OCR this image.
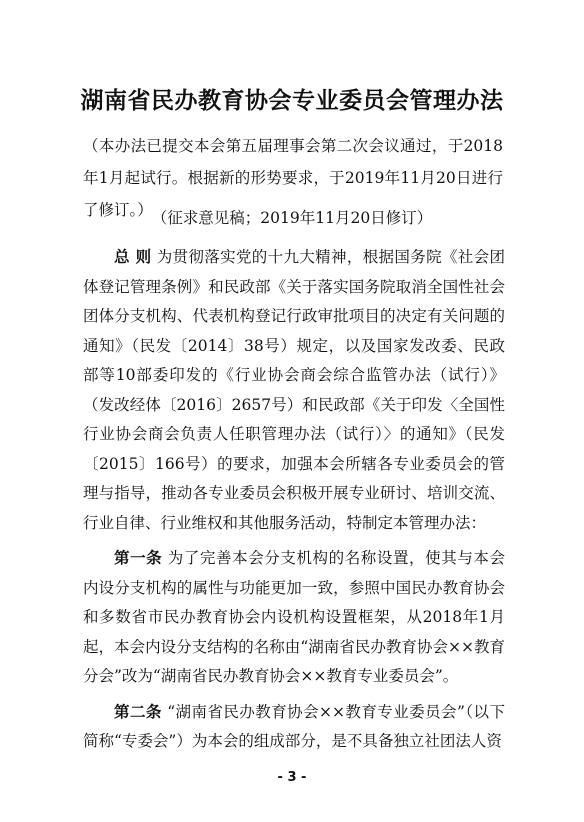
湖南省民办教育协会专业委员会管理办法

（本办法已提交本会第五届理事会第二次会议通过，于2018年1月起试行。根据新的形势要求，于2019年11月20日进行了修订。） （征求意见稿；2019年11月20日修订）

总 则 为贯彻落实党的十九大精神，根据国务院《社会团体登记管理条例》和民政部《关于落实国务院取消全国性社会团体分支机构、代表机构登记行政审批项目的决定有关问题的通知》（民发〔2014〕38号）规定，以及国家发改委、民政部等10部委印发的《行业协会商会综合监管办法（试行）》（发改经体〔2016〕2657号）和民政部《关于印发〈全国性行业协会商会负责人任职管理办法（试行）〉的通知》（民发〔2015〕166号）的要求，加强本会所辖各专业委员会的管理与指导，推动各专业委员会积极开展专业研讨、培训交流、行业自律、行业维权和其他服务活动，特制定本管理办法：

第一条 为了完善本会分支机构的名称设置，使其与本会内设分支机构的属性与功能更加一致，参照中国民办教育协会和多数省市民办教育协会内设机构设置框架，从2018年1月起，本会内设分支结构的名称由“湖南省民办教育协会××教育分会”改为“湖南省民办教育协会××教育专业委员会”。

第二条 “湖南省民办教育协会××教育专业委员会”（以下简称“专委会”）为本会的组成部分，是不具备独立社团法人资

- 3 -
